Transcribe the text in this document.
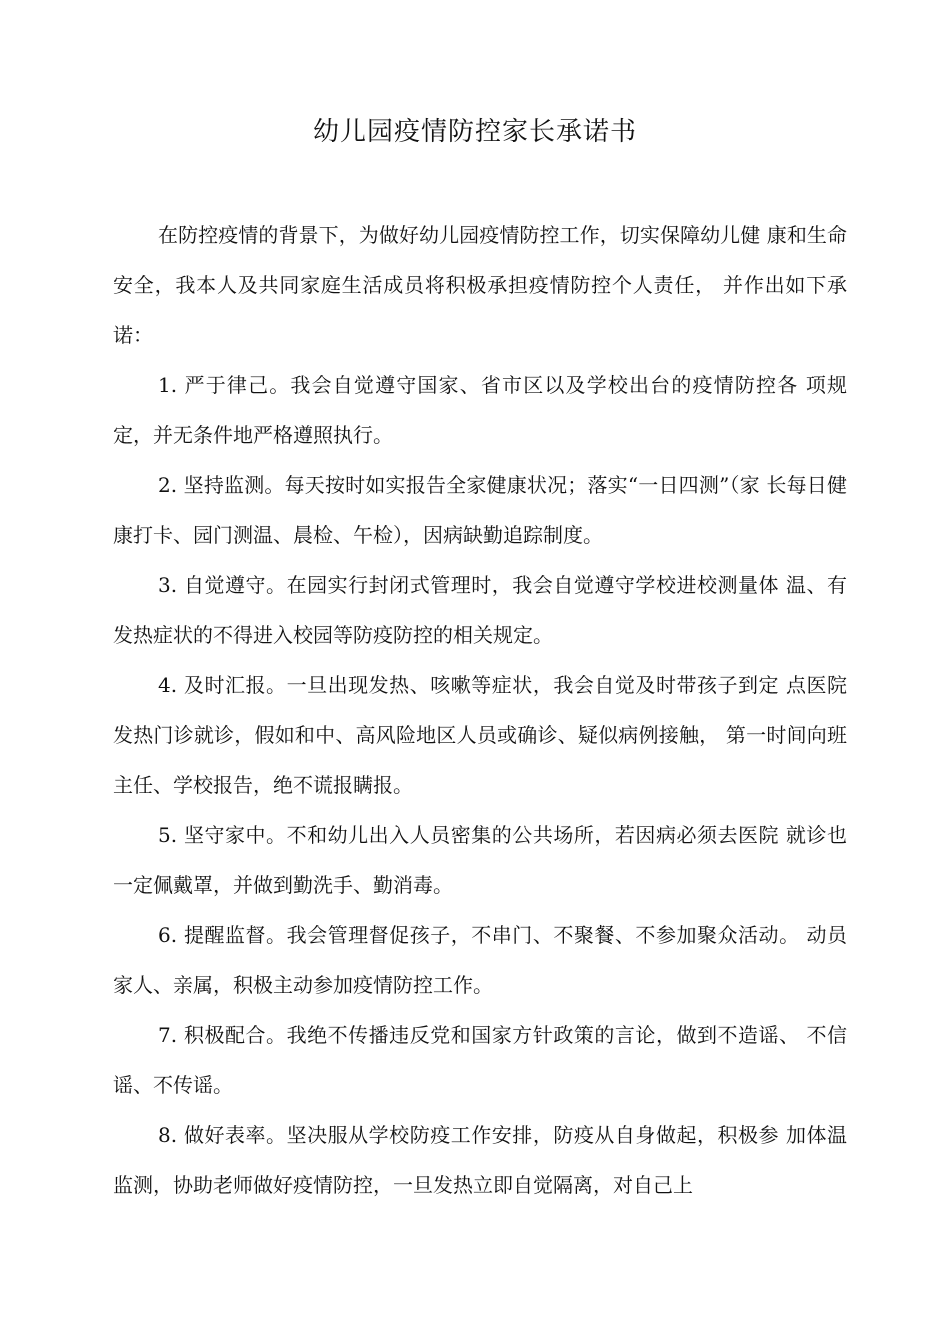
幼儿园疫情防控家长承诺书

在防控疫情的背景下，为做好幼儿园疫情防控工作，切实保障幼儿健 康和生命安全，我本人及共同家庭生活成员将积极承担疫情防控个人责任， 并作出如下承诺：

1. 严于律己。我会自觉遵守国家、省市区以及学校出台的疫情防控各 项规定，并无条件地严格遵照执行。

2. 坚持监测。每天按时如实报告全家健康状况；落实“一日四测”（家 长每日健康打卡、园门测温、晨检、午检），因病缺勤追踪制度。

3. 自觉遵守。在园实行封闭式管理时，我会自觉遵守学校进校测量体 温、有发热症状的不得进入校园等防疫防控的相关规定。

4. 及时汇报。一旦出现发热、咳嗽等症状，我会自觉及时带孩子到定 点医院发热门诊就诊，假如和中、高风险地区人员或确诊、疑似病例接触， 第一时间向班主任、学校报告，绝不谎报瞒报。

5. 坚守家中。不和幼儿出入人员密集的公共场所，若因病必须去医院 就诊也一定佩戴罩，并做到勤洗手、勤消毒。

6. 提醒监督。我会管理督促孩子，不串门、不聚餐、不参加聚众活动。 动员家人、亲属，积极主动参加疫情防控工作。

7. 积极配合。我绝不传播违反党和国家方针政策的言论，做到不造谣、 不信谣、不传谣。

8. 做好表率。坚决服从学校防疫工作安排，防疫从自身做起，积极参 加体温监测，协助老师做好疫情防控，一旦发热立即自觉隔离，对自己上
